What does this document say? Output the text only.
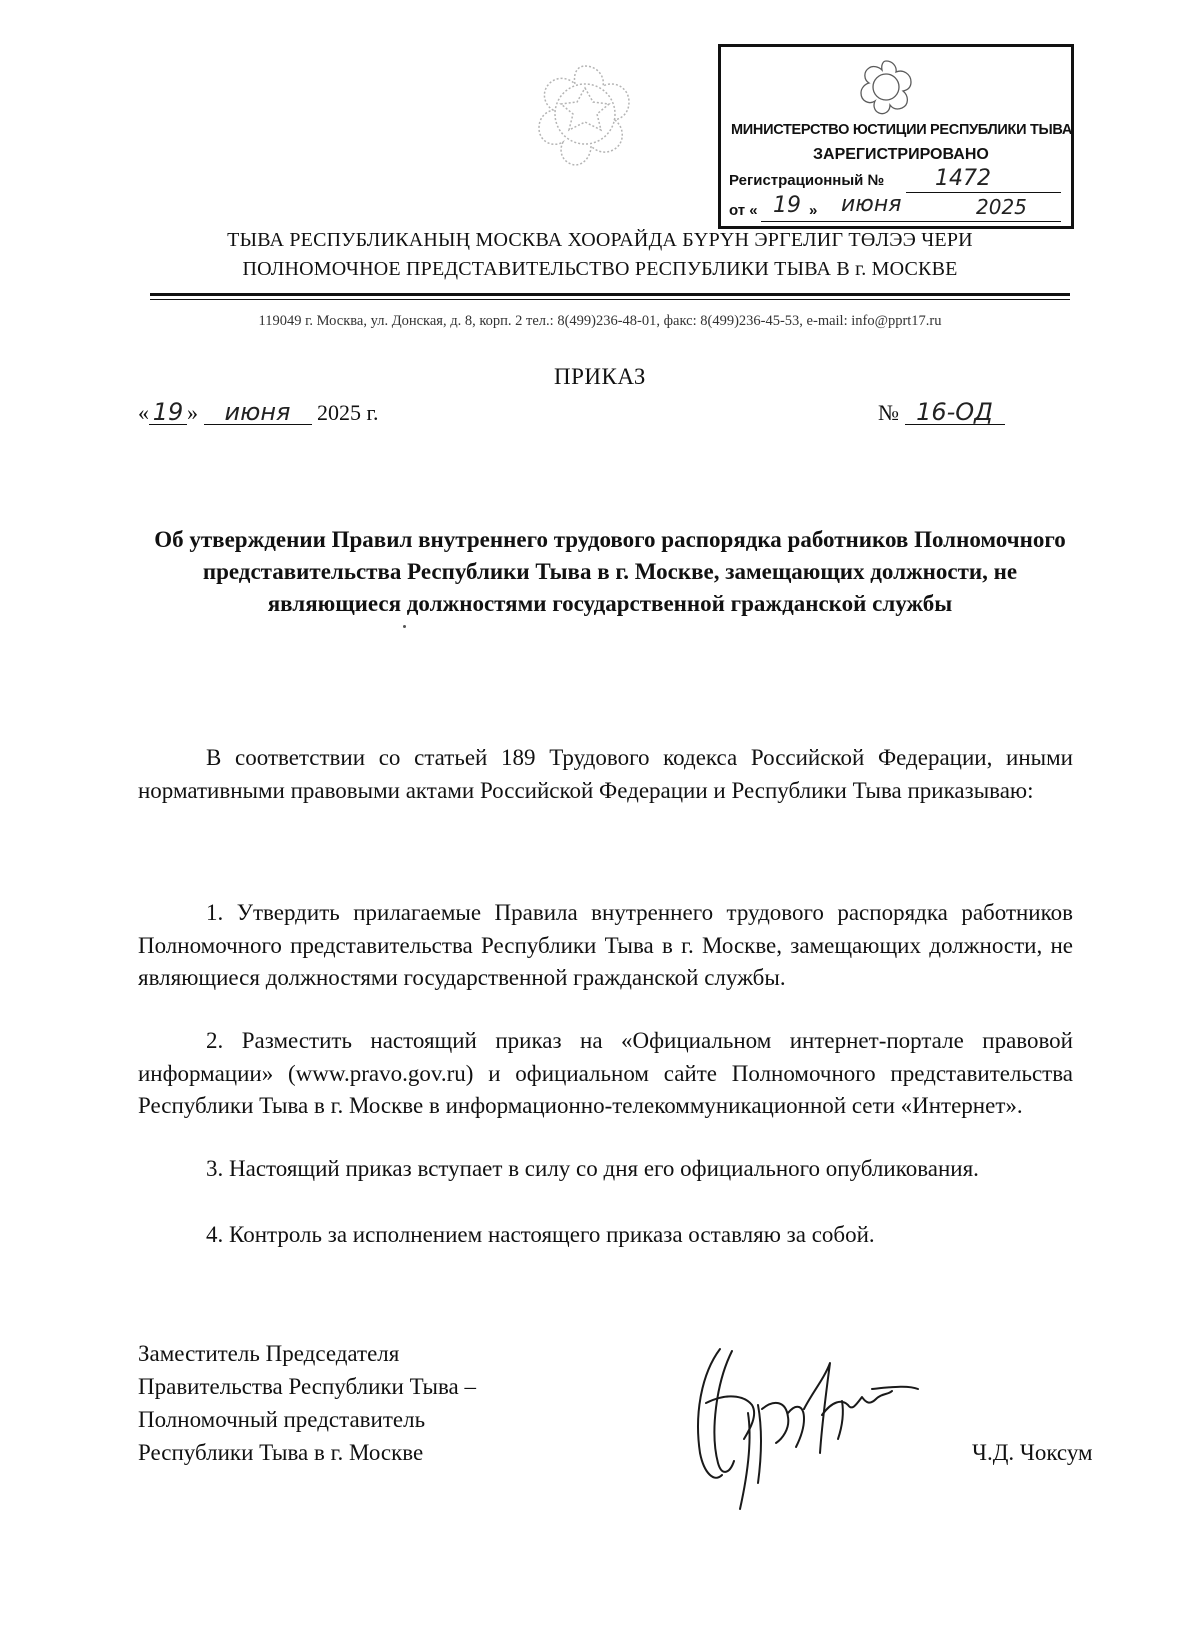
МИНИСТЕРСТВО ЮСТИЦИИ РЕСПУБЛИКИ ТЫВА
ЗАРЕГИСТРИРОВАНО
Регистрационный № 1472
от « 19 » июня	2025
ТЫВА РЕСПУБЛИКАНЫҢ МОСКВА ХООРАЙДА БҮРҮН ЭРГЕЛИГ ТӨЛЭЭ ЧЕРИ
ПОЛНОМОЧНОЕ ПРЕДСТАВИТЕЛЬСТВО РЕСПУБЛИКИ ТЫВА В г. МОСКВЕ
119049 г. Москва, ул. Донская, д. 8, корп. 2 тел.: 8(499)236-48-01, факс: 8(499)236-45-53, e-mail: info@pprt17.ru
ПРИКАЗ
« 19 » июня 2025 г.	№ 16-ОД
Об утверждении Правил внутреннего трудового распорядка работников Полномочного представительства Республики Тыва в г. Москве, замещающих должности, не являющиеся должностями государственной гражданской службы
В соответствии со статьей 189 Трудового кодекса Российской Федерации, иными нормативными правовыми актами Российской Федерации и Республики Тыва приказываю:
1. Утвердить прилагаемые Правила внутреннего трудового распорядка работников Полномочного представительства Республики Тыва в г. Москве, замещающих должности, не являющиеся должностями государственной гражданской службы.
2. Разместить настоящий приказ на «Официальном интернет-портале правовой информации» (www.pravo.gov.ru) и официальном сайте Полномочного представительства Республики Тыва в г. Москве в информационно-телекоммуникационной сети «Интернет».
3. Настоящий приказ вступает в силу со дня его официального опубликования.
4. Контроль за исполнением настоящего приказа оставляю за собой.
Заместитель Председателя
Правительства Республики Тыва –
Полномочный представитель
Республики Тыва в г. Москве	Ч.Д. Чоксум
